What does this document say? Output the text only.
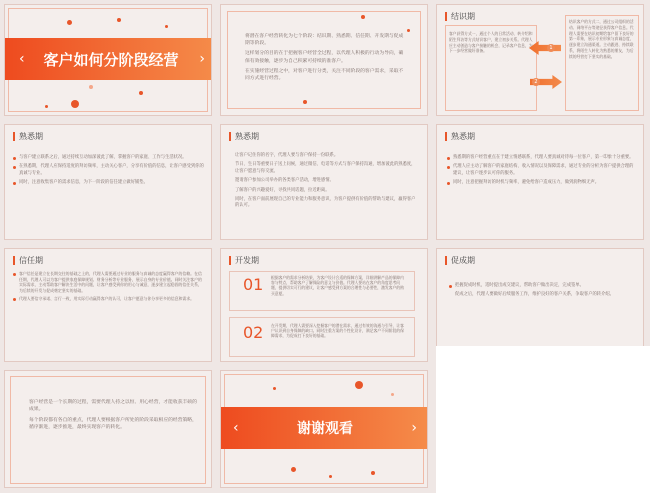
‹ 客户如何分阶段经营 ›

将潜在客户经营转化为七个阶段：结识期、熟悉期、信任期、开发期与促成期等阶段。

这样划分的目的在于把握客户经营全过程，以代理人积极的行动为导向，确保有效接触，逐步为自己积累可持续的准客户。

在实施经营过程之中，对客户进行分类，关注不同阶段的客户需求，采取不同方式进行经营。

结识期
客户获得方式一，通过个人的日常活动、转介绍和陌生拜访等方式结识客户，建立初步关系。代理人应主动创造与客户接触的机会，记录客户信息，为下一步经营做好准备。	1
2
结识客户的方式二，通过公司组织的活动、网络平台等途径获得客户信息。代理人需要在结识初期给客户留下良好的第一印象，展示专业形象与真诚态度，逐步建立沟通渠道。主动跟进、持续联系，将陌生人转化为熟悉的朋友，为后续的经营打下坚实的基础。
熟悉期

与客户建立联系之后，通过持续互动加深彼此了解，掌握客户的家庭、工作与生活状况。

在熟悉期，代理人应保持适度的拜访频率，主动关心客户，分享有价值的信息，让客户感受到你的真诚与专业。

同时，注意收集客户的需求信息，为下一阶段的信任建立做好铺垫。

熟悉期

让客户记住你的名字，代理人要与客户保持一份联系。

节日、生日等重要日子送上问候，通过微信、电话等方式与客户保持沟通，增加彼此的熟悉度，让客户愿意与你交流。

邀请客户参加公司举办的各类客户活动，增进感情。

了解客户的兴趣爱好，寻找共同话题，拉近距离。

同时，在客户面前展现自己的专业能力和服务意识，为客户提供有价值的帮助与建议，赢得客户的认可。

熟悉期

熟悉期的客户经营重点在于建立情感联系，代理人要真诚对待每一位客户，第一印象十分重要。

代理人应主动了解客户的家庭结构、收入情况以及保障需求，通过专业的分析为客户提供合理的建议，让客户逐步认可你的服务。

同时，注意把握拜访的时机与频率，避免给客户造成压力，做到润物细无声。

信任期

客户信任是建立在长期交往的基础之上的，代理人需要通过专业的服务与真诚的态度赢得客户的信赖。在信任期，代理人可以为客户提供家庭保障规划、财务分析等专业服务，展示自身的专业价值。同时关注客户的实际需求，主动帮助客户解决生活中的问题，让客户感受到你的用心与诚意，逐步建立起稳固的信任关系，为后续的开发与促成奠定坚实的基础。

代理人要信守承诺、言行一致，用实际行动赢得客户的认可，让客户愿意与你分享更多的信息和需求。

开发期
01 根据客户的需求分析结果，为客户设计合适的保障方案，详细讲解产品的保障内容与特点，帮助客户了解保险的意义与价值。代理人要站在客户的角度思考问题，提供切实可行的建议，让客户感受到方案的合理性与必要性，激发客户的购买意愿。
02 在开发期，代理人需要深入挖掘客户的潜在需求，通过有效的沟通与引导，让客户认识到自身保障的缺口。同时注重方案的个性化设计，满足客户不同阶段的保障需求，为促成打下良好的基础。
促成期

把握促成时机，适时提出成交建议，帮助客户做出决定，完成签单。

促成之后，代理人要做好后续服务工作，维护良好的客户关系，争取客户的转介绍。

客户经营是一个长期的过程，需要代理人持之以恒、用心经营，才能收获丰硕的成果。

每个阶段都有各自的重点，代理人要根据客户所处的阶段采取相应的经营策略，循序渐进，逐步推进，最终实现客户的转化。	‹	谢谢观看	›
